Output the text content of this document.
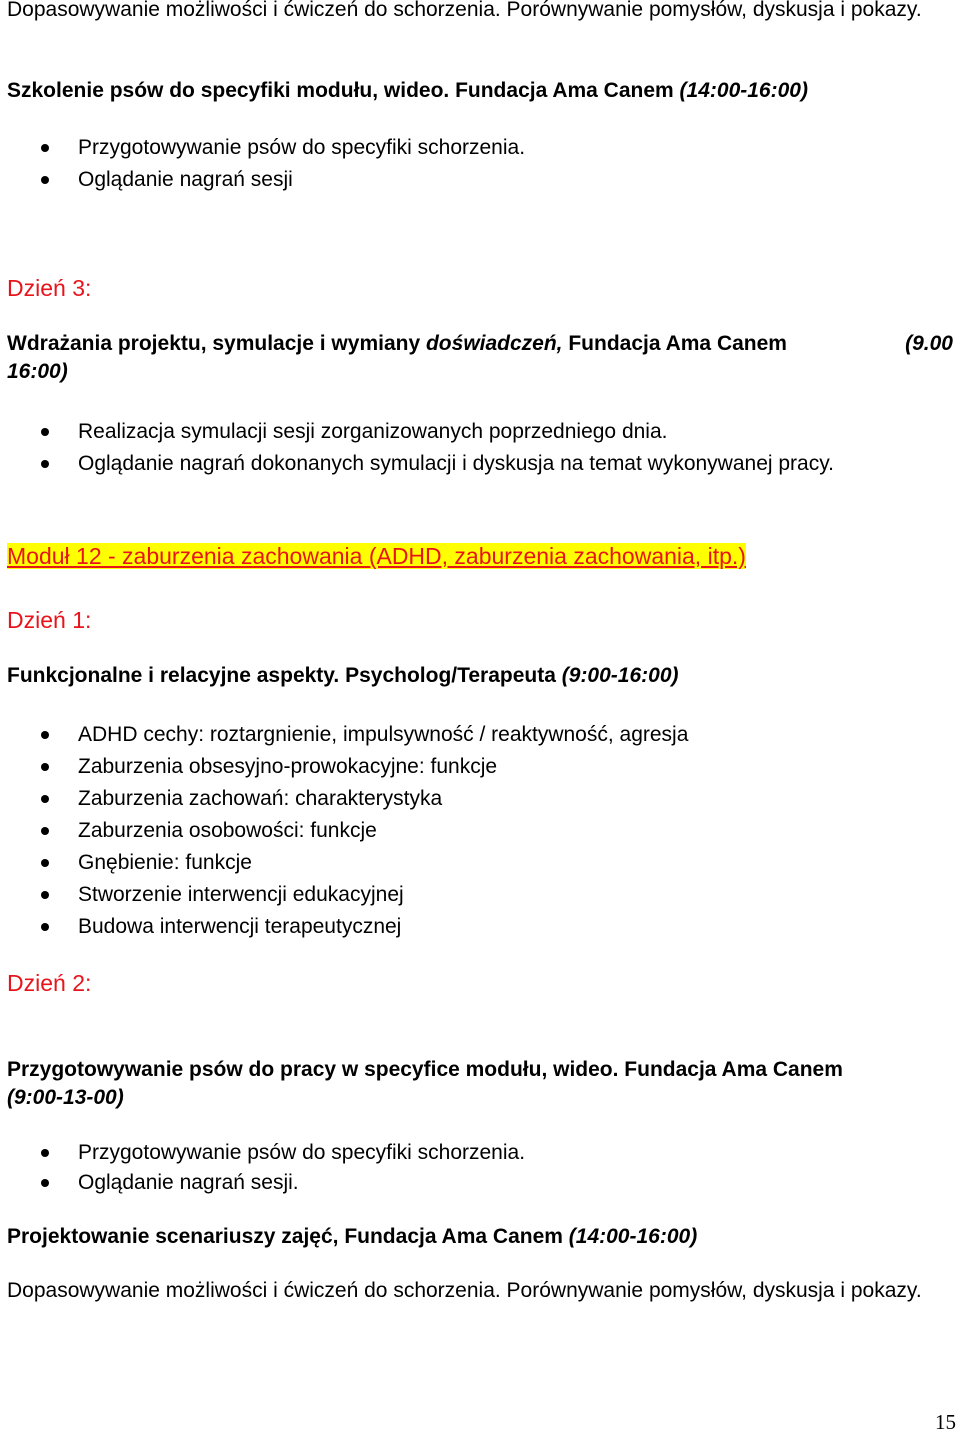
Dopasowywanie możliwości i ćwiczeń do schorzenia. Porównywanie pomysłów, dyskusja i pokazy.
Szkolenie psów do specyfiki modułu, wideo. Fundacja Ama Canem (14:00-16:00)
Przygotowywanie psów do specyfiki schorzenia.
Oglądanie nagrań sesji
Dzień 3:
Wdrażania projektu, symulacje i wymiany doświadczeń, Fundacja Ama Canem	(9.00

16:00)
Realizacja symulacji sesji zorganizowanych poprzedniego dnia.
Oglądanie nagrań dokonanych symulacji i dyskusja na temat wykonywanej pracy.
Moduł 12 - zaburzenia zachowania (ADHD, zaburzenia zachowania, itp.)
Dzień 1:
Funkcjonalne i relacyjne aspekty. Psycholog/Terapeuta (9:00-16:00)
ADHD cechy: roztargnienie, impulsywność / reaktywność, agresja
Zaburzenia obsesyjno-prowokacyjne: funkcje
Zaburzenia zachowań: charakterystyka
Zaburzenia osobowości: funkcje
Gnębienie: funkcje
Stworzenie interwencji edukacyjnej
Budowa interwencji terapeutycznej
Dzień 2:
Przygotowywanie psów do pracy w specyfice modułu, wideo. Fundacja Ama Canem
(9:00-13-00)
Przygotowywanie psów do specyfiki schorzenia.
Oglądanie nagrań sesji.
Projektowanie scenariuszy zajęć, Fundacja Ama Canem (14:00-16:00)
Dopasowywanie możliwości i ćwiczeń do schorzenia. Porównywanie pomysłów, dyskusja i pokazy.
15
